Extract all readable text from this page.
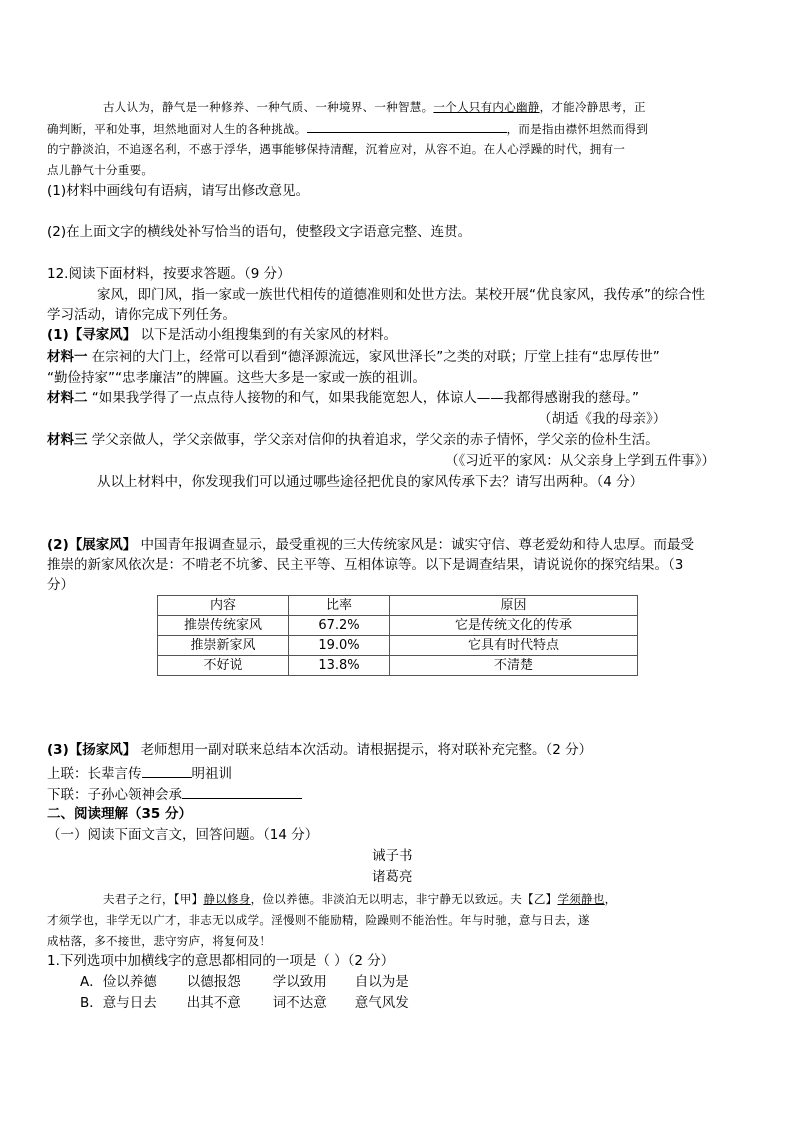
古人认为，静气是一种修养、一种气质、一种境界、一种智慧。一个人只有内心幽静，才能冷静思考，正
确判断，平和处事，坦然地面对人生的各种挑战。	，而是指由襟怀坦然而得到
的宁静淡泊，不追逐名利，不惑于浮华，遇事能够保持清醒，沉着应对，从容不迫。在人心浮躁的时代，拥有一
点儿静气十分重要。
(1)材料中画线句有语病，请写出修改意见。
(2)在上面文字的横线处补写恰当的语句，使整段文字语意完整、连贯。
12.阅读下面材料，按要求答题。（9 分）
家风，即门风，指一家或一族世代相传的道德准则和处世方法。某校开展“优良家风，我传承”的综合性
学习活动，请你完成下列任务。
(1)【寻家风】 以下是活动小组搜集到的有关家风的材料。
材料一 在宗祠的大门上，经常可以看到“德泽源流远，家风世泽长”之类的对联；厅堂上挂有“忠厚传世”
“勤俭持家”“忠孝廉洁”的牌匾。这些大多是一家或一族的祖训。
材料二 “如果我学得了一点点待人接物的和气，如果我能宽恕人，体谅人——我都得感谢我的慈母。”
（胡适《我的母亲》）
材料三 学父亲做人，学父亲做事，学父亲对信仰的执着追求，学父亲的赤子情怀，学父亲的俭朴生活。
（《习近平的家风：从父亲身上学到五件事》）
从以上材料中，你发现我们可以通过哪些途径把优良的家风传承下去？请写出两种。（4 分）
(2)【展家风】 中国青年报调查显示，最受重视的三大传统家风是：诚实守信、尊老爱幼和待人忠厚。而最受
推崇的新家风依次是：不啃老不坑爹、民主平等、互相体谅等。以下是调查结果，请说说你的探究结果。（3
分）
内容	比率	原因
推崇传统家风	67.2%	它是传统文化的传承
推崇新家风	19.0%	它具有时代特点
不好说	13.8%	不清楚
(3)【扬家风】 老师想用一副对联来总结本次活动。请根据提示，将对联补充完整。（2 分）
上联：长辈言传	明祖训
下联：子孙心领神会承
二、阅读理解（35 分）
（一）阅读下面文言文，回答问题。（14 分）
诫子书
诸葛亮
夫君子之行，【甲】静以修身，俭以养德。非淡泊无以明志，非宁静无以致远。夫【乙】学须静也，
才须学也，非学无以广才，非志无以成学。淫慢则不能励精，险躁则不能治性。年与时驰，意与日去，遂
成枯落，多不接世，悲守穷庐，将复何及！
1.下列选项中加横线字的意思都相同的一项是（ ）（2 分）
A．俭以养德 以德报怨 学以致用 自以为是
B．意与日去 出其不意 词不达意 意气风发
